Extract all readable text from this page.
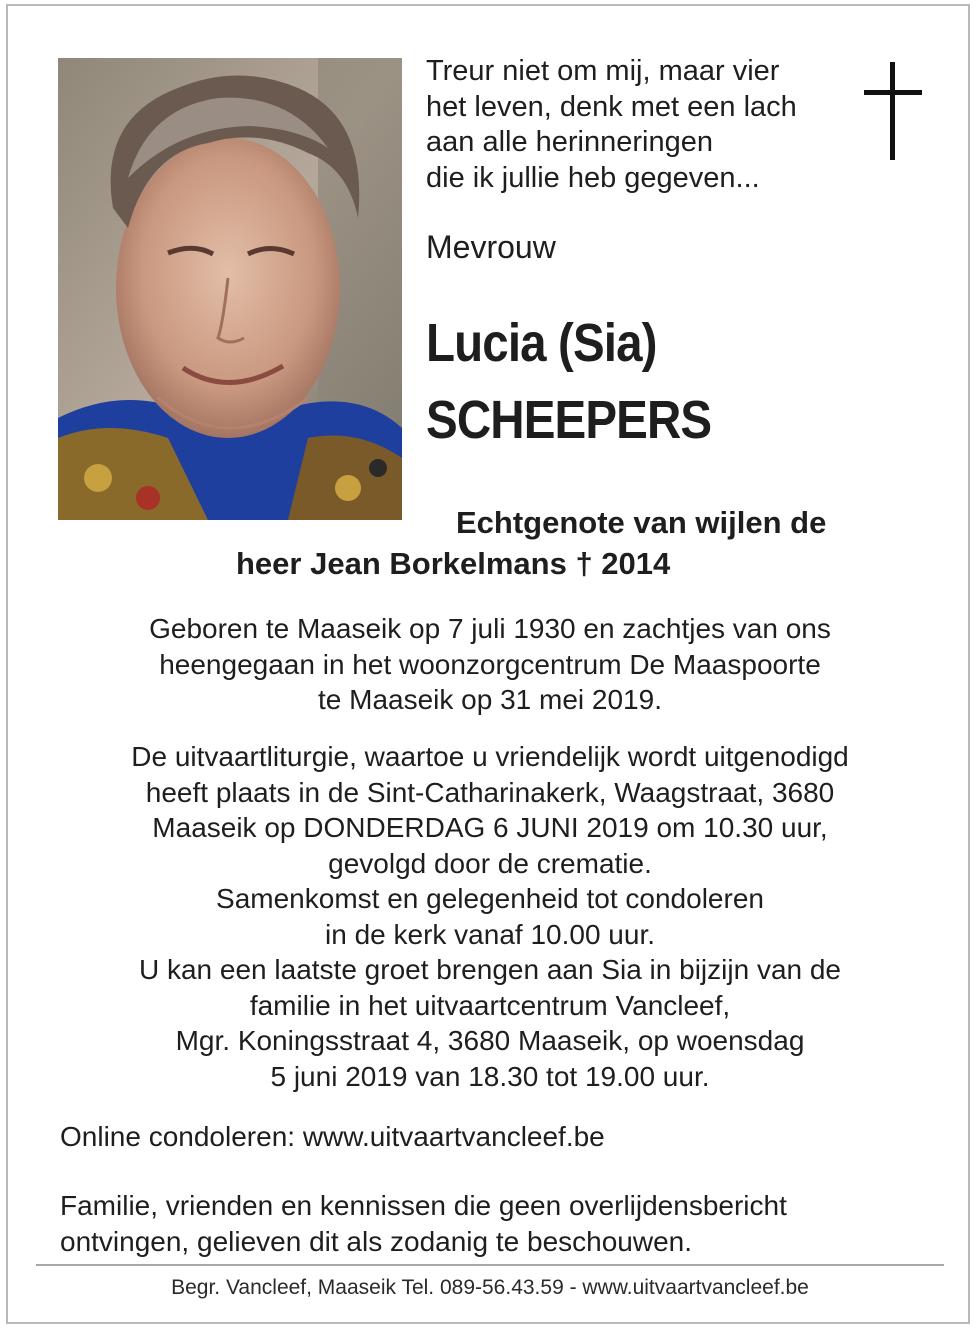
Treur niet om mij, maar vier
het leven, denk met een lach
aan alle herinneringen
die ik jullie heb gegeven...
Mevrouw
Lucia (Sia)
SCHEEPERS
Echtgenote van wijlen de
heer Jean Borkelmans † 2014
Geboren te Maaseik op 7 juli 1930 en zachtjes van ons
heengegaan in het woonzorgcentrum De Maaspoorte
te Maaseik op 31 mei 2019.
De uitvaartliturgie, waartoe u vriendelijk wordt uitgenodigd
heeft plaats in de Sint-Catharinakerk, Waagstraat, 3680
Maaseik op DONDERDAG 6 JUNI 2019 om 10.30 uur,
gevolgd door de crematie.
Samenkomst en gelegenheid tot condoleren
in de kerk vanaf 10.00 uur.
U kan een laatste groet brengen aan Sia in bijzijn van de
familie in het uitvaartcentrum Vancleef,
Mgr. Koningsstraat 4, 3680 Maaseik, op woensdag
5 juni 2019 van 18.30 tot 19.00 uur.
Online condoleren: www.uitvaartvancleef.be
Familie, vrienden en kennissen die geen overlijdensbericht
ontvingen, gelieven dit als zodanig te beschouwen.
Begr. Vancleef, Maaseik Tel. 089-56.43.59 - www.uitvaartvancleef.be
